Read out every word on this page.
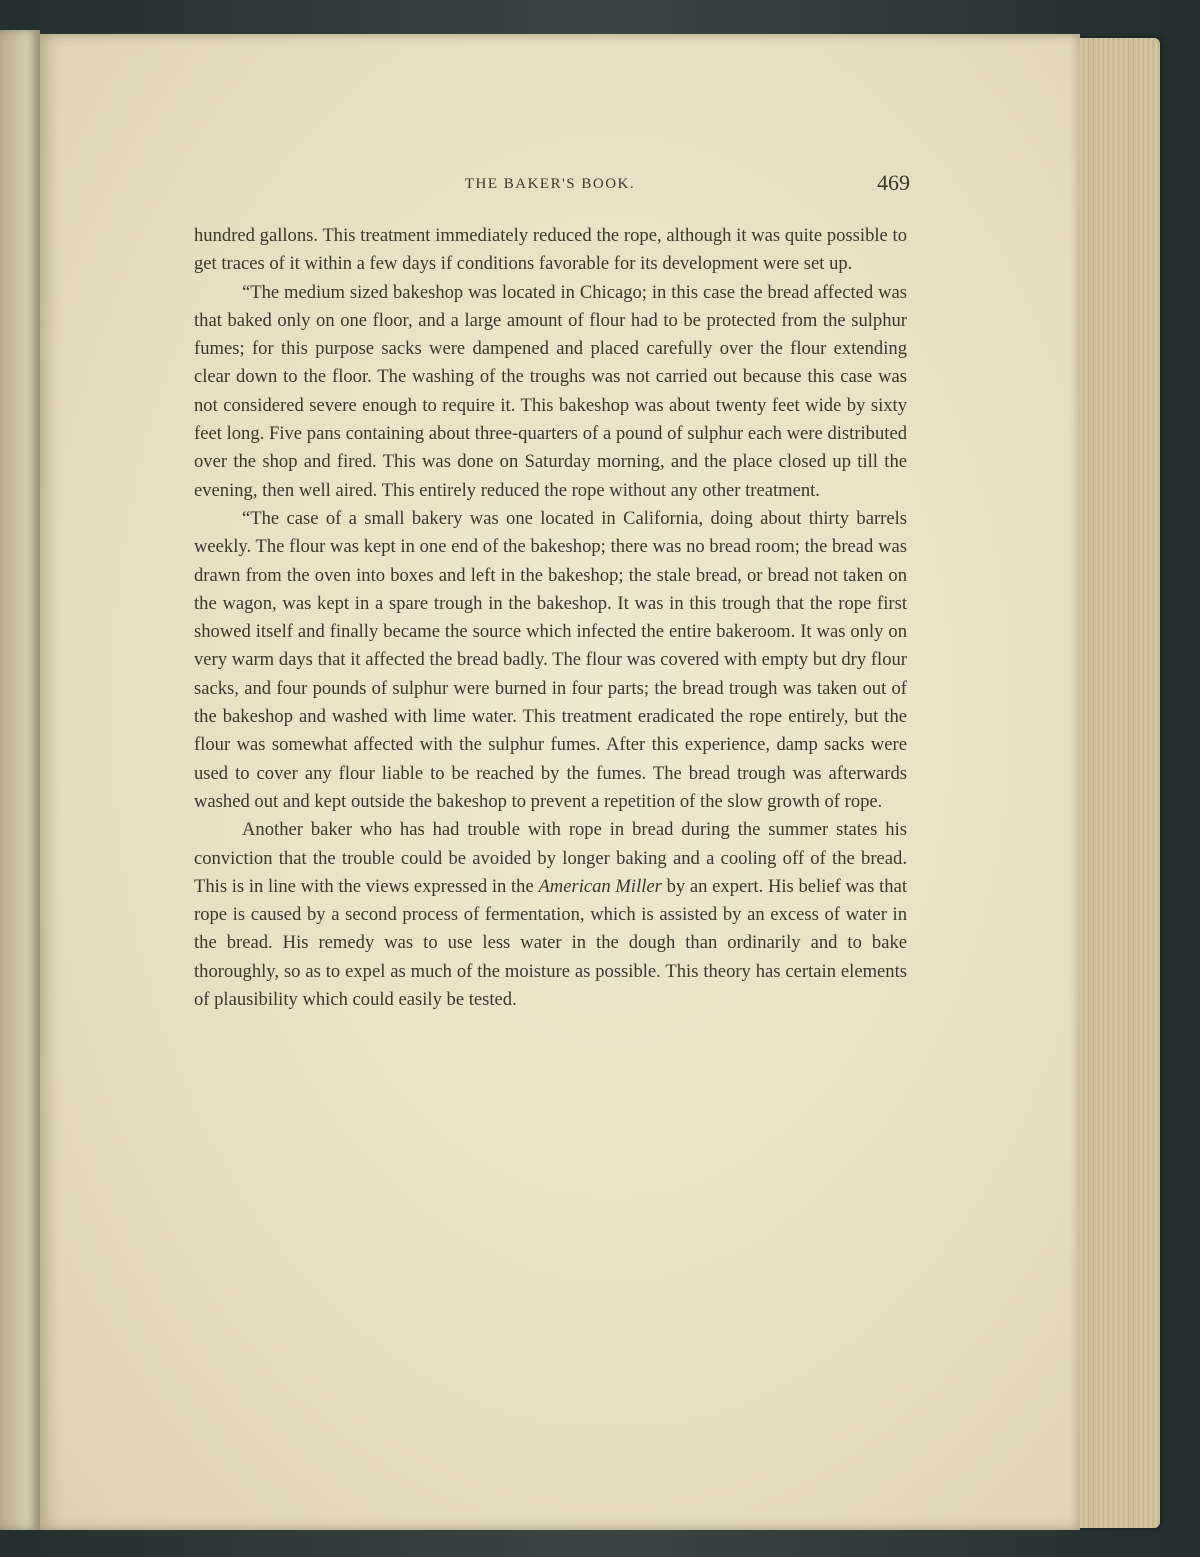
THE BAKER'S BOOK.	469

hundred gallons. This treatment immediately reduced the rope, although it was quite possible to get traces of it within a few days if conditions favorable for its development were set up.

“The medium sized bakeshop was located in Chicago; in this case the bread affected was that baked only on one floor, and a large amount of flour had to be protected from the sulphur fumes; for this purpose sacks were dampened and placed carefully over the flour extending clear down to the floor. The washing of the troughs was not carried out because this case was not considered severe enough to require it. This bakeshop was about twenty feet wide by sixty feet long. Five pans containing about three-quarters of a pound of sulphur each were distributed over the shop and fired. This was done on Saturday morning, and the place closed up till the evening, then well aired. This entirely reduced the rope without any other treatment.

“The case of a small bakery was one located in California, doing about thirty barrels weekly. The flour was kept in one end of the bakeshop; there was no bread room; the bread was drawn from the oven into boxes and left in the bakeshop; the stale bread, or bread not taken on the wagon, was kept in a spare trough in the bakeshop. It was in this trough that the rope first showed itself and finally became the source which infected the entire bakeroom. It was only on very warm days that it affected the bread badly. The flour was covered with empty but dry flour sacks, and four pounds of sulphur were burned in four parts; the bread trough was taken out of the bakeshop and washed with lime water. This treatment eradicated the rope entirely, but the flour was somewhat affected with the sulphur fumes. After this experience, damp sacks were used to cover any flour liable to be reached by the fumes. The bread trough was afterwards washed out and kept outside the bakeshop to prevent a repetition of the slow growth of rope.

Another baker who has had trouble with rope in bread during the summer states his conviction that the trouble could be avoided by longer baking and a cooling off of the bread. This is in line with the views expressed in the American Miller by an expert. His belief was that rope is caused by a second process of fermentation, which is assisted by an excess of water in the bread. His remedy was to use less water in the dough than ordinarily and to bake thoroughly, so as to expel as much of the moisture as possible. This theory has certain elements of plausibility which could easily be tested.
